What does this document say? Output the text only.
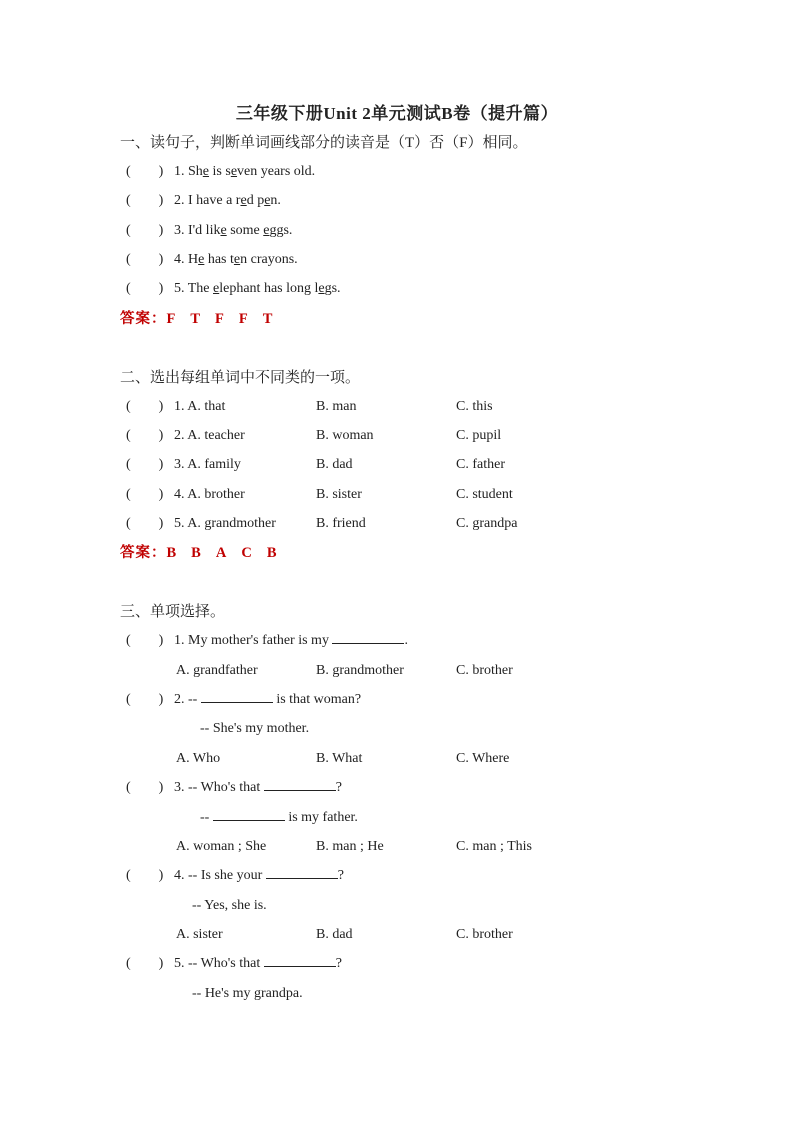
三年级下册Unit 2单元测试B卷（提升篇）
一、读句子，判断单词画线部分的读音是（T）否（F）相同。
(　　) 1. She is seven years old.
(　　) 2. I have a red pen.
(　　) 3. I'd like some eggs.
(　　) 4. He has ten crayons.
(　　) 5. The elephant has long legs.
答案：F T F F T
二、选出每组单词中不同类的一项。
(　　) 1. A. that	B. man	C. this
(　　) 2. A. teacher	B. woman	C. pupil
(　　) 3. A. family	B. dad	C. father
(　　) 4. A. brother	B. sister	C. student
(　　) 5. A. grandmother	B. friend	C. grandpa
答案：B B A C B
三、单项选择。
(　　) 1. My mother's father is my	.
A. grandfather	B. grandmother	C. brother
(　　) 2. --	is that woman?
-- She's my mother.
A. Who	B. What	C. Where
(　　) 3. -- Who's that	?
--	is my father.
A. woman ; She	B. man ; He	C. man ; This
(　　) 4. -- Is she your	?
-- Yes, she is.
A. sister	B. dad	C. brother
(　　) 5. -- Who's that	?
-- He's my grandpa.
